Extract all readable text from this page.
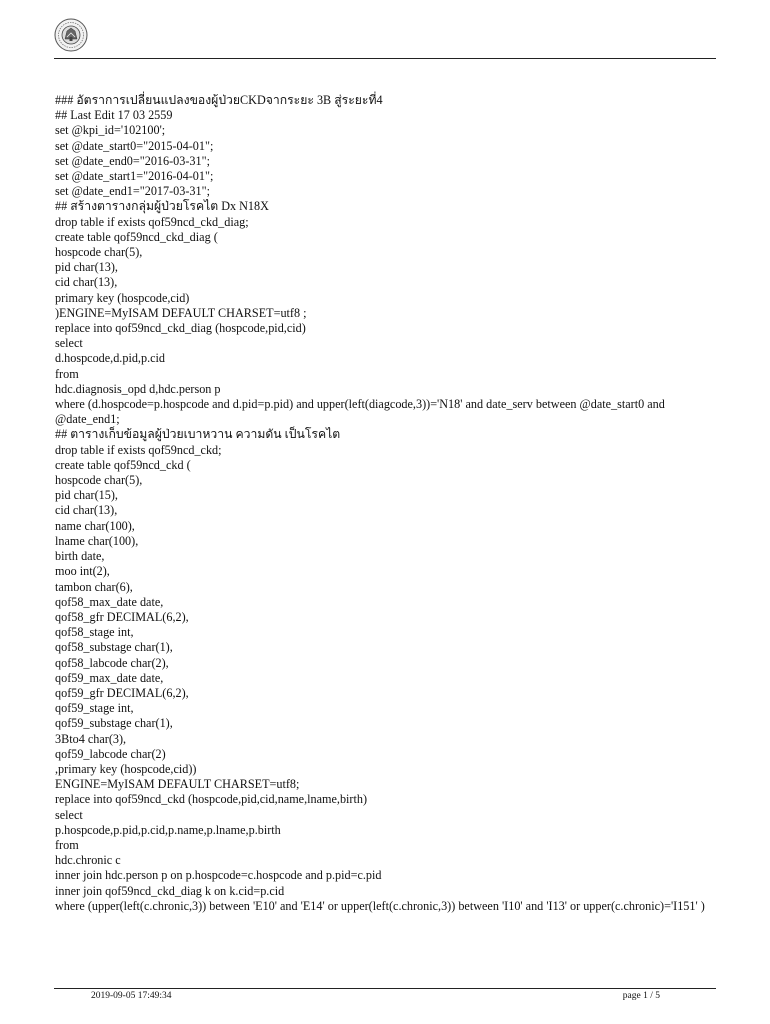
### อัตราการเปลี่ยนแปลงของผู้ป่วยCKDจากระยะ 3B สู่ระยะที่4
## Last Edit 17 03 2559
set @kpi_id='102100';
set @date_start0="2015-04-01";
set @date_end0="2016-03-31";
set @date_start1="2016-04-01";
set @date_end1="2017-03-31";
## สร้างตารางกลุ่มผู้ป่วยโรคไต Dx N18X
drop table if exists qof59ncd_ckd_diag;
create table qof59ncd_ckd_diag (
hospcode char(5),
pid char(13),
cid char(13),
primary key (hospcode,cid)
)ENGINE=MyISAM DEFAULT CHARSET=utf8 ;
replace into qof59ncd_ckd_diag (hospcode,pid,cid)
select
d.hospcode,d.pid,p.cid
from
hdc.diagnosis_opd d,hdc.person p
where (d.hospcode=p.hospcode and d.pid=p.pid) and upper(left(diagcode,3))='N18' and date_serv between @date_start0 and @date_end1;
## ตารางเก็บข้อมูลผู้ป่วยเบาหวาน ความดัน เป็นโรคไต
drop table if exists qof59ncd_ckd;
create table qof59ncd_ckd (
hospcode char(5),
pid char(15),
cid char(13),
name char(100),
lname char(100),
birth date,
moo int(2),
tambon char(6),
qof58_max_date date,
qof58_gfr DECIMAL(6,2),
qof58_stage int,
qof58_substage char(1),
qof58_labcode char(2),
qof59_max_date date,
qof59_gfr DECIMAL(6,2),
qof59_stage int,
qof59_substage char(1),
3Bto4 char(3),
qof59_labcode char(2)
,primary key (hospcode,cid))
ENGINE=MyISAM DEFAULT CHARSET=utf8;
replace into qof59ncd_ckd (hospcode,pid,cid,name,lname,birth)
select
p.hospcode,p.pid,p.cid,p.name,p.lname,p.birth
from
hdc.chronic c
inner join hdc.person p on p.hospcode=c.hospcode and p.pid=c.pid
inner join qof59ncd_ckd_diag k on k.cid=p.cid
where (upper(left(c.chronic,3)) between 'E10' and 'E14' or upper(left(c.chronic,3)) between 'I10' and 'I13' or upper(c.chronic)='I151' )
2019-09-05 17:49:34	page 1 / 5
